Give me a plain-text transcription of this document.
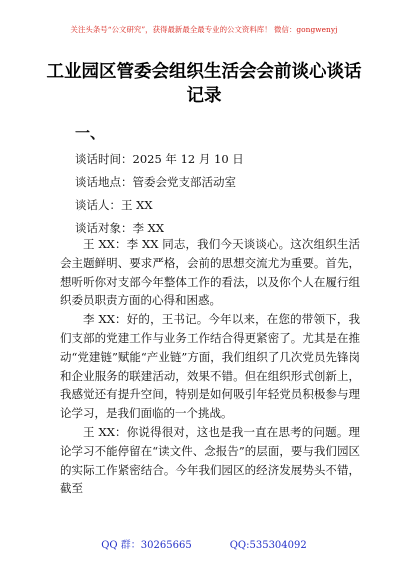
关注头条号“公文研究”，获得最新最全最专业的公文资料库！ 微信：gongwenyj
工业园区管委会组织生活会会前谈心谈话记录
一、
谈话时间：2025 年 12 月 10 日
谈话地点：管委会党支部活动室
谈话人：王 XX
谈话对象：李 XX

王 XX：李 XX 同志，我们今天谈谈心。这次组织生活会主题鲜明、要求严格，会前的思想交流尤为重要。首先，想听听你对支部今年整体工作的看法，以及你个人在履行组织委员职责方面的心得和困惑。

李 XX：好的，王书记。今年以来，在您的带领下，我们支部的党建工作与业务工作结合得更紧密了。尤其是在推动“党建链”赋能“产业链”方面，我们组织了几次党员先锋岗和企业服务的联建活动，效果不错。但在组织形式创新上，我感觉还有提升空间，特别是如何吸引年轻党员积极参与理论学习，是我们面临的一个挑战。

王 XX：你说得很对，这也是我一直在思考的问题。理论学习不能停留在“读文件、念报告”的层面，要与我们园区的实际工作紧密结合。今年我们园区的经济发展势头不错，截至

QQ 群：30265665	QQ:535304092
